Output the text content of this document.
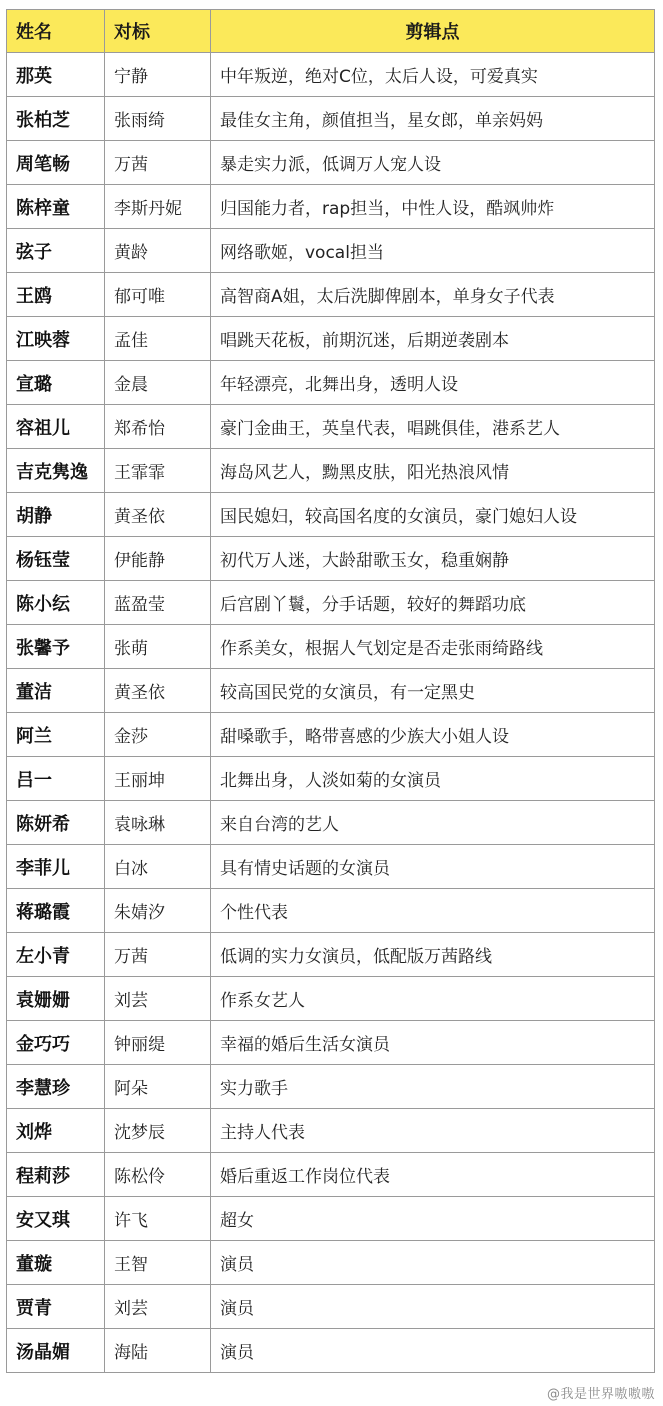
姓名	对标	剪辑点
那英	宁静	中年叛逆，绝对C位，太后人设，可爱真实
张柏芝	张雨绮	最佳女主角，颜值担当，星女郎，单亲妈妈
周笔畅	万茜	暴走实力派，低调万人宠人设
陈梓童	李斯丹妮	归国能力者，rap担当，中性人设，酷飒帅炸
弦子	黄龄	网络歌姬，vocal担当
王鸥	郁可唯	高智商A姐，太后洗脚俾剧本，单身女子代表
江映蓉	孟佳	唱跳天花板，前期沉迷，后期逆袭剧本
宣璐	金晨	年轻漂亮，北舞出身，透明人设
容祖儿	郑希怡	豪门金曲王，英皇代表，唱跳俱佳，港系艺人
吉克隽逸	王霏霏	海岛风艺人，黝黑皮肤，阳光热浪风情
胡静	黄圣依	国民媳妇，较高国名度的女演员，豪门媳妇人设
杨钰莹	伊能静	初代万人迷，大龄甜歌玉女，稳重娴静
陈小纭	蓝盈莹	后宫剧丫鬟，分手话题，较好的舞蹈功底
张馨予	张萌	作系美女，根据人气划定是否走张雨绮路线
董洁	黄圣依	较高国民党的女演员，有一定黑史
阿兰	金莎	甜嗓歌手，略带喜感的少族大小姐人设
吕一	王丽坤	北舞出身，人淡如菊的女演员
陈妍希	袁咏琳	来自台湾的艺人
李菲儿	白冰	具有情史话题的女演员
蒋璐霞	朱婧汐	个性代表
左小青	万茜	低调的实力女演员，低配版万茜路线
袁姗姗	刘芸	作系女艺人
金巧巧	钟丽缇	幸福的婚后生活女演员
李慧珍	阿朵	实力歌手
刘烨	沈梦辰	主持人代表
程莉莎	陈松伶	婚后重返工作岗位代表
安又琪	许飞	超女
董璇	王智	演员
贾青	刘芸	演员
汤晶媚	海陆	演员
@我是世界嗷嗷嗷
